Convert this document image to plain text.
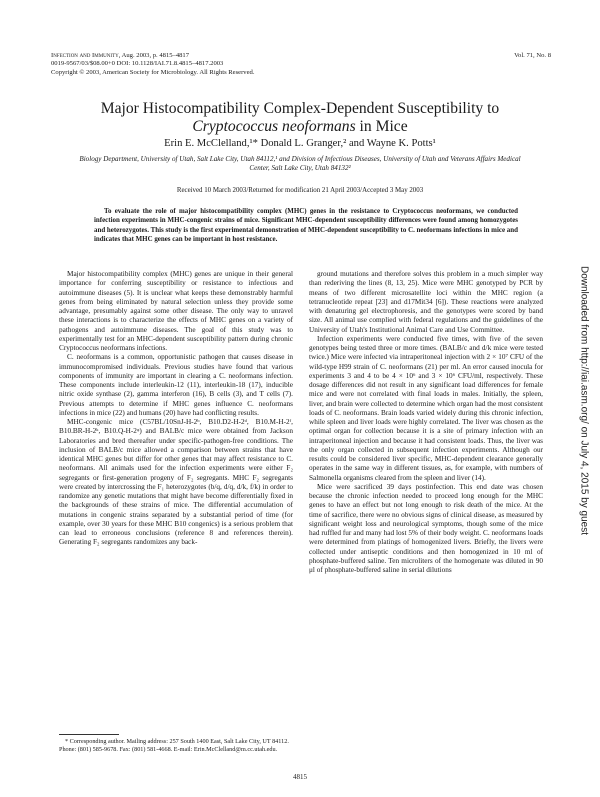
Infection and Immunity, Aug. 2003, p. 4815–4817	Vol. 71, No. 8
0019-9567/03/$08.00+0 DOI: 10.1128/IAI.71.8.4815–4817.2003
Copyright © 2003, American Society for Microbiology. All Rights Reserved.
Major Histocompatibility Complex-Dependent Susceptibility to
Cryptococcus neoformans in Mice
Erin E. McClelland,¹* Donald L. Granger,² and Wayne K. Potts¹
Biology Department, University of Utah, Salt Lake City, Utah 84112,¹ and Division of Infectious Diseases, University of Utah and Veterans Affairs Medical Center, Salt Lake City, Utah 84132²
Received 10 March 2003/Returned for modification 21 April 2003/Accepted 3 May 2003
To evaluate the role of major histocompatibility complex (MHC) genes in the resistance to Cryptococcus neoformans, we conducted infection experiments in MHC-congenic strains of mice. Significant MHC-dependent susceptibility differences were found among homozygotes and heterozygotes. This study is the first experimental demonstration of MHC-dependent susceptibility to C. neoformans infections in mice and indicates that MHC genes can be important in host resistance.

Major histocompatibility complex (MHC) genes are unique in their general importance for conferring susceptibility or resistance to infectious and autoimmune diseases (5). It is unclear what keeps these demonstrably harmful genes from being eliminated by natural selection unless they provide some advantage, presumably against some other disease. The only way to unravel these interactions is to characterize the effects of MHC genes on a variety of pathogens and autoimmune diseases. The goal of this study was to experimentally test for an MHC-dependent susceptibility pattern during chronic Cryptococcus neoformans infections.

C. neoformans is a common, opportunistic pathogen that causes disease in immunocompromised individuals. Previous studies have found that various components of immunity are important in clearing a C. neoformans infection. These components include interleukin-12 (11), interleukin-18 (17), inducible nitric oxide synthase (2), gamma interferon (16), B cells (3), and T cells (7). Previous attempts to determine if MHC genes influence C. neoformans infections in mice (22) and humans (20) have had conflicting results.

MHC-congenic mice (C57BL/10SnJ-H-2ᵇ, B10.D2-H-2ᵈ, B10.M-H-2ᶠ, B10.BR-H-2ᵏ, B10.Q-H-2ᵠ) and BALB/c mice were obtained from Jackson Laboratories and bred thereafter under specific-pathogen-free conditions. The inclusion of BALB/c mice allowed a comparison between strains that have identical MHC genes but differ for other genes that may affect resistance to C. neoformans. All animals used for the infection experiments were either F₂ segregants or first-generation progeny of F₂ segregants. MHC F₂ segregants were created by intercrossing the F₁ heterozygotes (b/q, d/q, d/k, f/k) in order to randomize any genetic mutations that might have become differentially fixed in the backgrounds of these strains of mice. The differential accumulation of mutations in congenic strains separated by a substantial period of time (for example, over 30 years for these MHC B10 congenics) is a serious problem that can lead to erroneous conclusions (reference 8 and references therein). Generating F₂ segregants randomizes any back-

ground mutations and therefore solves this problem in a much simpler way than rederiving the lines (8, 13, 25). Mice were MHC genotyped by PCR by means of two different microsatellite loci within the MHC region (a tetranucleotide repeat [23] and d17Mit34 [6]). These reactions were analyzed with denaturing gel electrophoresis, and the genotypes were scored by band size. All animal use complied with federal regulations and the guidelines of the University of Utah's Institutional Animal Care and Use Committee.

Infection experiments were conducted five times, with five of the seven genotypes being tested three or more times. (BALB/c and d/k mice were tested twice.) Mice were infected via intraperitoneal injection with 2 × 10⁷ CFU of the wild-type H99 strain of C. neoformans (21) per ml. An error caused inocula for experiments 3 and 4 to be 4 × 10⁶ and 3 × 10⁶ CFU/ml, respectively. These dosage differences did not result in any significant load differences for female mice and were not correlated with final loads in males. Initially, the spleen, liver, and brain were collected to determine which organ had the most consistent loads of C. neoformans. Brain loads varied widely during this chronic infection, while spleen and liver loads were highly correlated. The liver was chosen as the optimal organ for collection because it is a site of primary infection with an intraperitoneal injection and because it had consistent loads. Thus, the liver was the only organ collected in subsequent infection experiments. Although our results could be considered liver specific, MHC-dependent clearance generally operates in the same way in different tissues, as, for example, with numbers of Salmonella organisms cleared from the spleen and liver (14).

Mice were sacrificed 39 days postinfection. This end date was chosen because the chronic infection needed to proceed long enough for the MHC genes to have an effect but not long enough to risk death of the mice. At the time of sacrifice, there were no obvious signs of clinical disease, as measured by significant weight loss and neurological symptoms, though some of the mice had ruffled fur and many had lost 5% of their body weight. C. neoformans loads were determined from platings of homogenized livers. Briefly, the livers were collected under antiseptic conditions and then homogenized in 10 ml of phosphate-buffered saline. Ten microliters of the homogenate was diluted in 90 μl of phosphate-buffered saline in serial dilutions

* Corresponding author. Mailing address: 257 South 1400 East, Salt Lake City, UT 84112. Phone: (801) 585-9678. Fax: (801) 581-4668. E-mail: Erin.McClelland@m.cc.utah.edu.

4815
Downloaded from http://iai.asm.org/ on July 4, 2015 by guest
